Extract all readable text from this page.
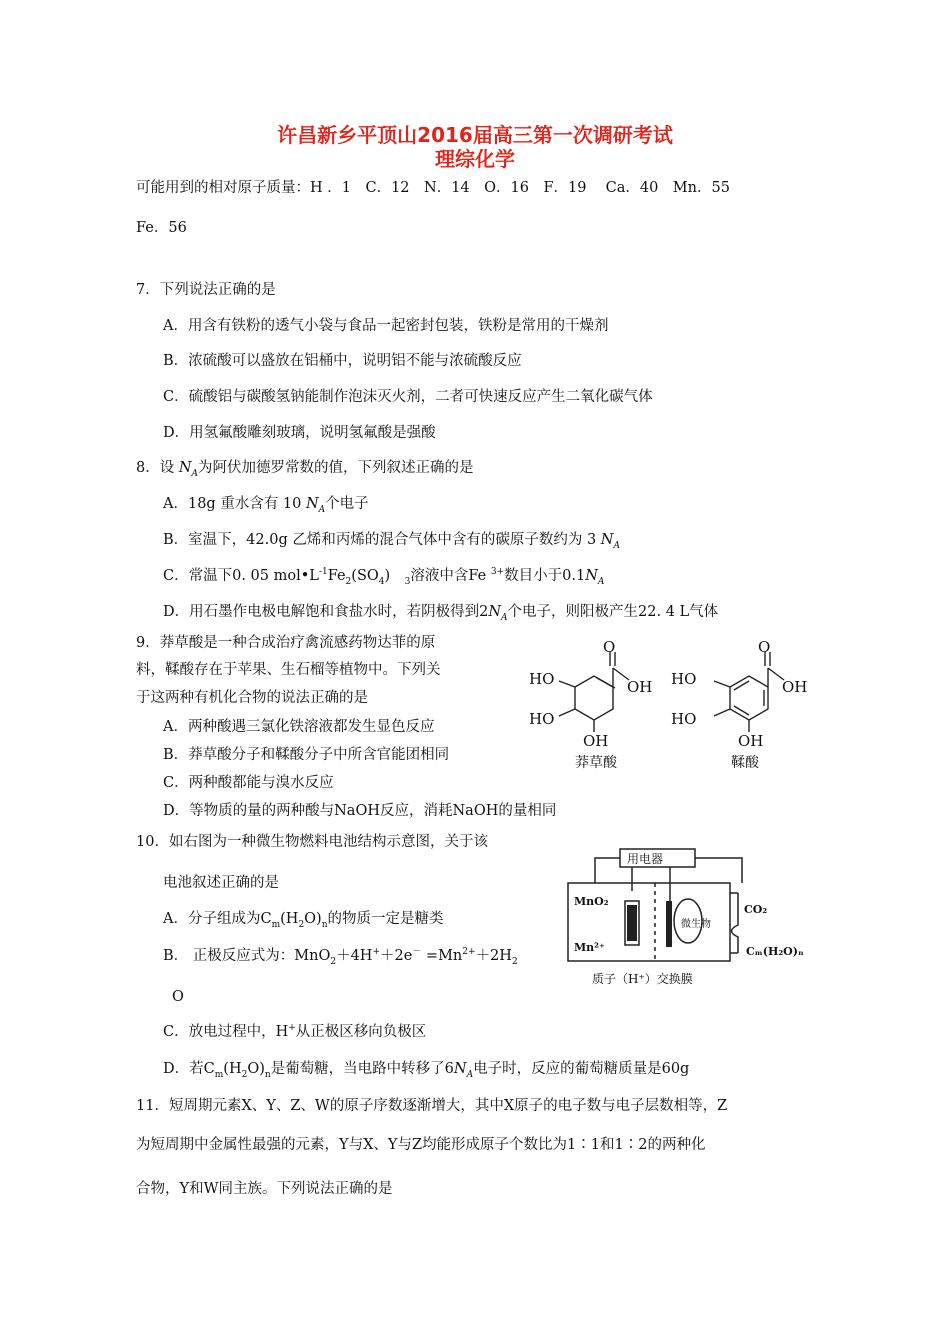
许昌新乡平顶山2016届高三第一次调研考试
理综化学
可能用到的相对原子质量：H ．1　C．12　N．14　O．16　F．19　 Ca．40　Mn．55
Fe．56
7．下列说法正确的是
A．用含有铁粉的透气小袋与食品一起密封包装，铁粉是常用的干燥剂
B．浓硫酸可以盛放在铝桶中，说明铝不能与浓硫酸反应
C．硫酸铝与碳酸氢钠能制作泡沫灭火剂，二者可快速反应产生二氧化碳气体
D．用氢氟酸雕刻玻璃，说明氢氟酸是强酸
8．设 $N_A$为阿伏加德罗常数的值，下列叙述正确的是
A．18g 重水含有 10 $N_A$个电子
B．室温下，42.0g 乙烯和丙烯的混合气体中含有的碳原子数约为 3 $N_A$
C．常温下0. 05 $mol•L^{-1}Fe_2(SO_4)$　$_3$溶液中含Fe $^{3+}$数目小于$0.1N_A$
D．用石墨作电极电解饱和食盐水时，若阴极得到$2N_A$个电子，则阳极产生22. 4 L气体
9．莽草酸是一种合成治疗禽流感药物达菲的原
料，鞣酸存在于苹果、生石榴等植物中。下列关
于这两种有机化合物的说法正确的是
A．两种酸遇三氯化铁溶液都发生显色反应
B．莽草酸分子和鞣酸分子中所含官能团相同
C．两种酸都能与溴水反应
D．等物质的量的两种酸与NaOH反应，消耗NaOH的量相同
O
OH
HO
HO
OH
O
OH
HO
HO
OH
莽草酸	鞣酸
10．如右图为一种微生物燃料电池结构示意图，关于该
电池叙述正确的是
A．分子组成为$C_m(H_2O)_n$的物质一定是糖类
B． 正极反应式为：$MnO_2+4H^++2e^- =Mn^{2+}+2H_2$
O
C．放电过程中，H+从正极区移向负极区
D．若$C_m(H_2O)_n$是葡萄糖，当电路中转移了$6N_A$电子时，反应的葡萄糖质量是60g
MnO₂
Mn²⁺
CO₂
Cₘ(H₂O)ₙ
用电器
微生物
质子（H⁺）交换膜
11．短周期元素X、Y、Z、W的原子序数逐渐增大，其中X原子的电子数与电子层数相等，Z
为短周期中金属性最强的元素，Y与X、Y与Z均能形成原子个数比为1∶1和1∶2的两种化
合物，Y和W同主族。下列说法正确的是
